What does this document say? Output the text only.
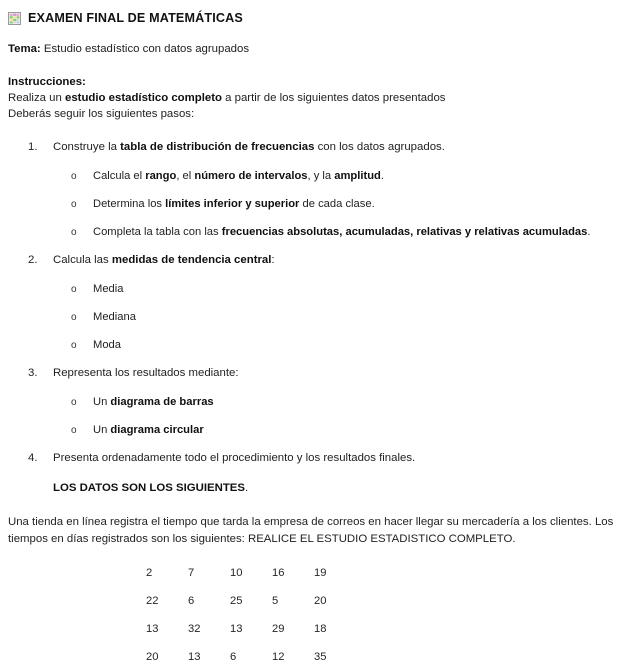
EXAMEN FINAL DE MATEMÁTICAS
Tema: Estudio estadístico con datos agrupados
Instrucciones:
Realiza un estudio estadístico completo a partir de los siguientes datos presentados
Deberás seguir los siguientes pasos:
1.	Construye la tabla de distribución de frecuencias con los datos agrupados.
o Calcula el rango, el número de intervalos, y la amplitud.
o Determina los límites inferior y superior de cada clase.
o Completa la tabla con las frecuencias absolutas, acumuladas, relativas y relativas acumuladas.
2.	Calcula las medidas de tendencia central:
o Media
o Mediana
o Moda
3.	Representa los resultados mediante:
o Un diagrama de barras
o Un diagrama circular
4.	Presenta ordenadamente todo el procedimiento y los resultados finales.
LOS DATOS SON LOS SIGUIENTES.
Una tienda en línea registra el tiempo que tarda la empresa de correos en hacer llegar su mercadería a los clientes. Los tiempos en días registrados son los siguientes: REALICE EL ESTUDIO ESTADISTICO COMPLETO.
2	7	10	16	19
22	6	25	5	20
13	32	13	29	18
20	13	6	12	35
